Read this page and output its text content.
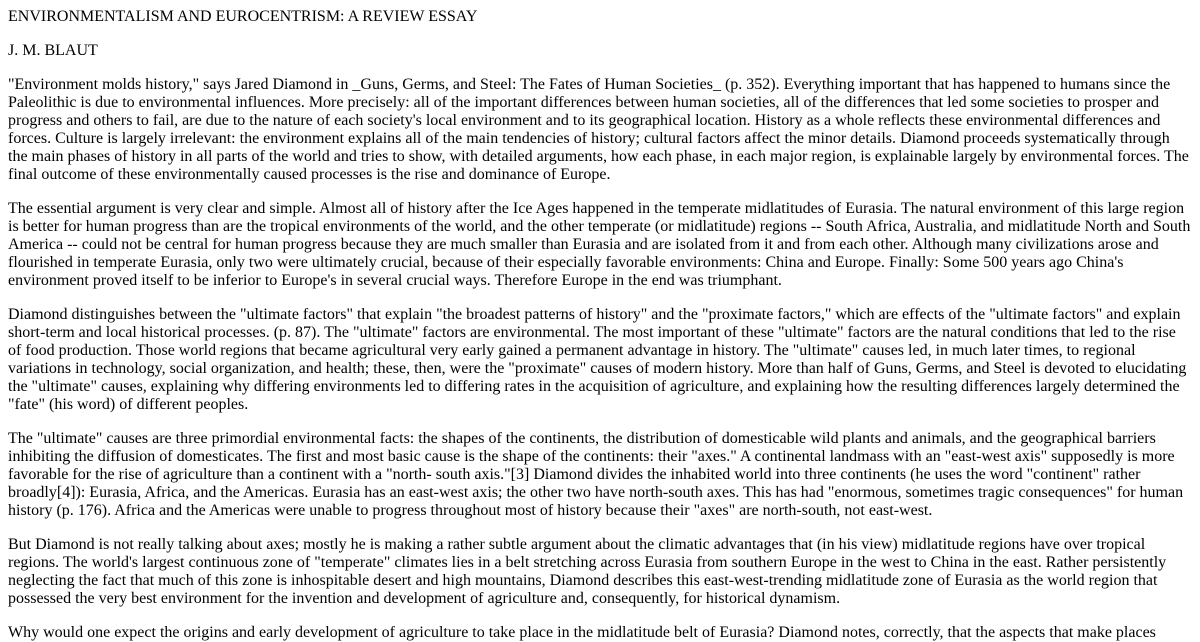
ENVIRONMENTALISM AND EUROCENTRISM: A REVIEW ESSAY

J. M. BLAUT

"Environment molds history," says Jared Diamond in _Guns, Germs, and Steel: The Fates of Human Societies_ (p. 352). Everything important that has happened to humans since the Paleolithic is due to environmental influences. More precisely: all of the important differences between human societies, all of the differences that led some societies to prosper and progress and others to fail, are due to the nature of each society's local environment and to its geographical location. History as a whole reflects these environmental differences and forces. Culture is largely irrelevant: the environment explains all of the main tendencies of history; cultural factors affect the minor details. Diamond proceeds systematically through the main phases of history in all parts of the world and tries to show, with detailed arguments, how each phase, in each major region, is explainable largely by environmental forces. The final outcome of these environmentally caused processes is the rise and dominance of Europe.

The essential argument is very clear and simple. Almost all of history after the Ice Ages happened in the temperate midlatitudes of Eurasia. The natural environment of this large region is better for human progress than are the tropical environments of the world, and the other temperate (or midlatitude) regions -- South Africa, Australia, and midlatitude North and South America -- could not be central for human progress because they are much smaller than Eurasia and are isolated from it and from each other. Although many civilizations arose and flourished in temperate Eurasia, only two were ultimately crucial, because of their especially favorable environments: China and Europe. Finally: Some 500 years ago China's environment proved itself to be inferior to Europe's in several crucial ways. Therefore Europe in the end was triumphant.

Diamond distinguishes between the "ultimate factors" that explain "the broadest patterns of history" and the "proximate factors," which are effects of the "ultimate factors" and explain short-term and local historical processes. (p. 87). The "ultimate" factors are environmental. The most important of these "ultimate" factors are the natural conditions that led to the rise of food production. Those world regions that became agricultural very early gained a permanent advantage in history. The "ultimate" causes led, in much later times, to regional variations in technology, social organization, and health; these, then, were the "proximate" causes of modern history. More than half of Guns, Germs, and Steel is devoted to elucidating the "ultimate" causes, explaining why differing environments led to differing rates in the acquisition of agriculture, and explaining how the resulting differences largely determined the "fate" (his word) of different peoples.

The "ultimate" causes are three primordial environmental facts: the shapes of the continents, the distribution of domesticable wild plants and animals, and the geographical barriers inhibiting the diffusion of domesticates. The first and most basic cause is the shape of the continents: their "axes." A continental landmass with an "east-west axis" supposedly is more favorable for the rise of agriculture than a continent with a "north- south axis."[3] Diamond divides the inhabited world into three continents (he uses the word "continent" rather broadly[4]): Eurasia, Africa, and the Americas. Eurasia has an east-west axis; the other two have north-south axes. This has had "enormous, sometimes tragic consequences" for human history (p. 176). Africa and the Americas were unable to progress throughout most of history because their "axes" are north-south, not east-west.

But Diamond is not really talking about axes; mostly he is making a rather subtle argument about the climatic advantages that (in his view) midlatitude regions have over tropical regions. The world's largest continuous zone of "temperate" climates lies in a belt stretching across Eurasia from southern Europe in the west to China in the east. Rather persistently neglecting the fact that much of this zone is inhospitable desert and high mountains, Diamond describes this east-west-trending midlatitude zone of Eurasia as the world region that possessed the very best environment for the invention and development of agriculture and, consequently, for historical dynamism.

Why would one expect the origins and early development of agriculture to take place in the midlatitude belt of Eurasia? Diamond notes, correctly, that the aspects that make places
